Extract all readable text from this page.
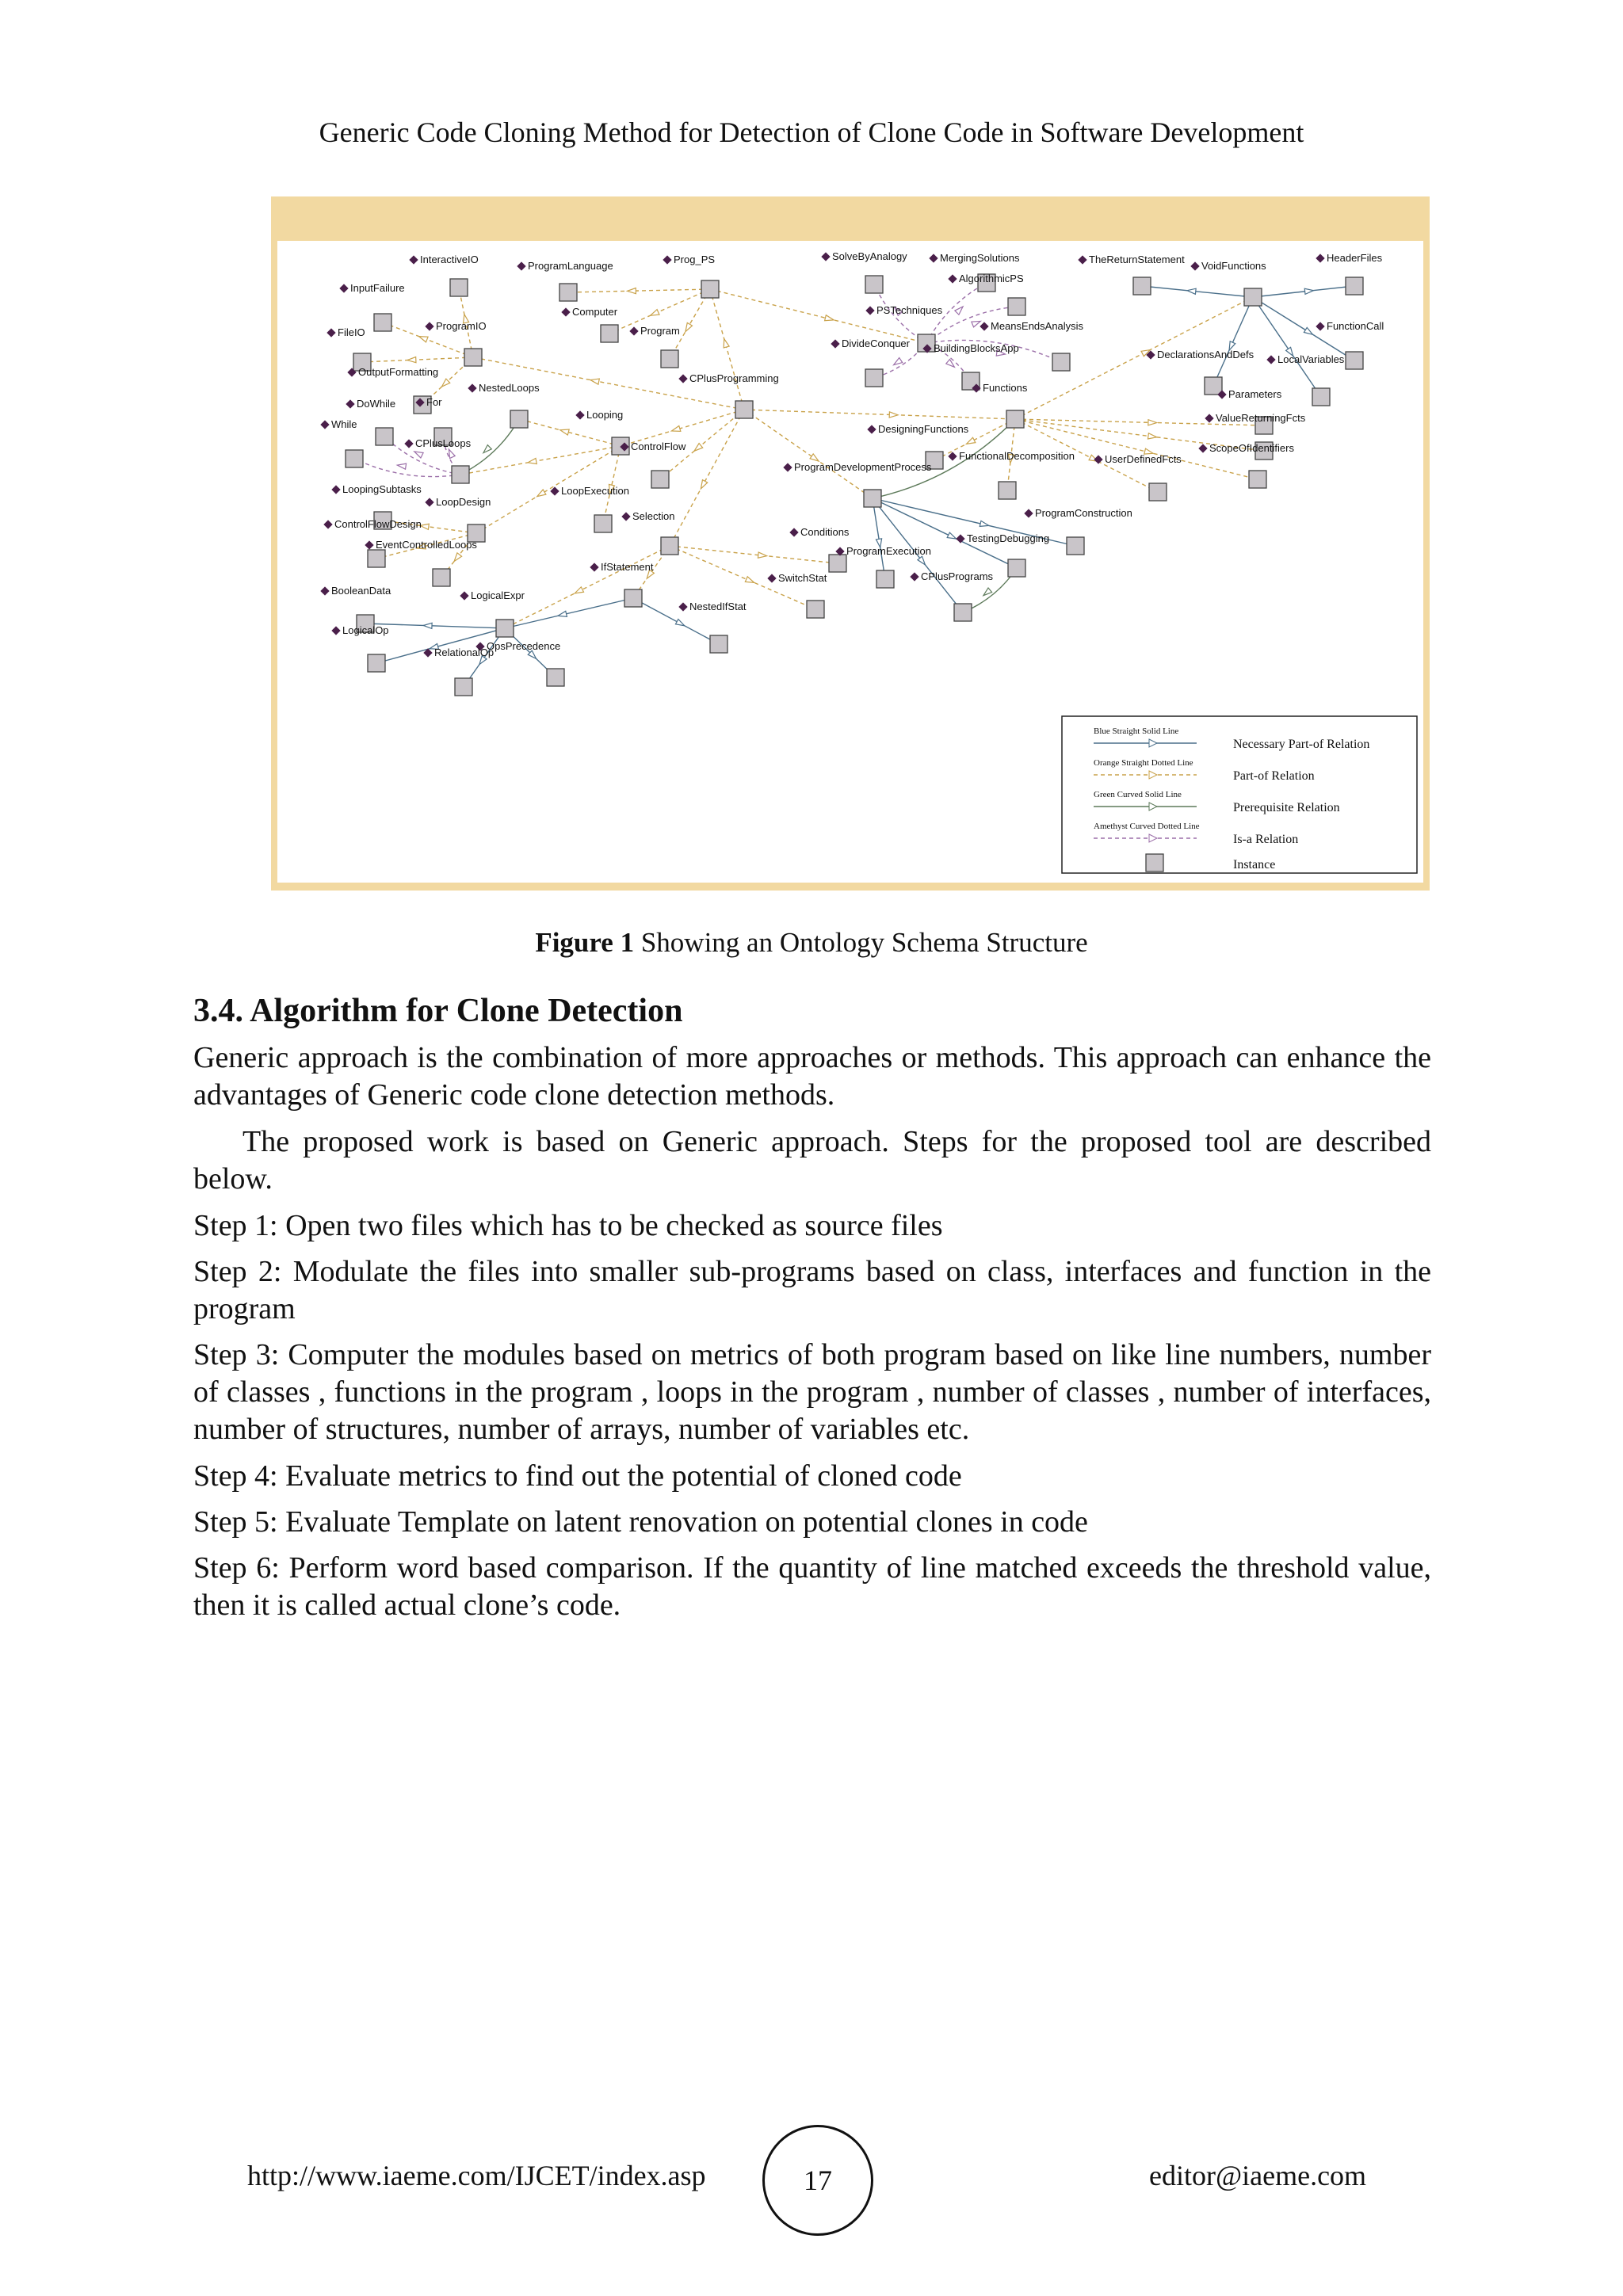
Generic Code Cloning Method for Detection of Clone Code in Software Development
InteractiveIO
ProgramLanguage
Prog_PS	SolveByAnalogy	MergingSolutions	TheReturnStatement
VoidFunctions
HeaderFiles
InputFailure
AlgorithmicPS
Computer	PSTechniques
ProgramIO	Program	MeansEndsAnalysis	FunctionCall
FileIO
DivideConquer BuildingBlocksApp
DeclarationsAndDefs LocalVariables
OutputFormatting
CPlusProgramming
NestedLoops	Functions
Parameters
DoWhile	For
Looping	ValueReturningFcts
While	DesigningFunctions
CPlusLoops	ControlFlow	ScopeOfIdentifiers
FunctionalDecomposition	UserDefinedFcts
ProgramDevelopmentProcess
LoopingSubtasks	LoopExecution
LoopDesign
ProgramConstruction
Selection
ControlFlowDesign
Conditions
TestingDebugging
EventControlledLoops
ProgramExecution
IfStatement
SwitchStat	CPlusPrograms
BooleanData	LogicalExpr
NestedIfStat
LogicalOp
OpsPrecedence
RelationalOp
Blue Straight Solid Line
Necessary Part-of Relation
Orange Straight Dotted Line
Part-of Relation
Green Curved Solid Line
Prerequisite Relation
Amethyst Curved Dotted Line
Is-a Relation
Instance
Figure 1 Showing an Ontology Schema Structure
3.4. Algorithm for Clone Detection
Generic approach is the combination of more approaches or methods. This approach can enhance the advantages of Generic code clone detection methods.
The proposed work is based on Generic approach. Steps for the proposed tool are described below.
Step 1: Open two files which has to be checked as source files
Step 2: Modulate the files into smaller sub-programs based on class, interfaces and function in the program
Step 3: Computer the modules based on metrics of both program based on like line numbers, number of classes , functions in the program , loops in the program , number of classes , number of interfaces, number of structures, number of arrays, number of variables etc.
Step 4: Evaluate metrics to find out the potential of cloned code
Step 5: Evaluate Template on latent renovation on potential clones in code
Step 6: Perform word based comparison. If the quantity of line matched exceeds the threshold value, then it is called actual clone’s code.
http://www.iaeme.com/IJCET/index.asp	17	editor@iaeme.com
